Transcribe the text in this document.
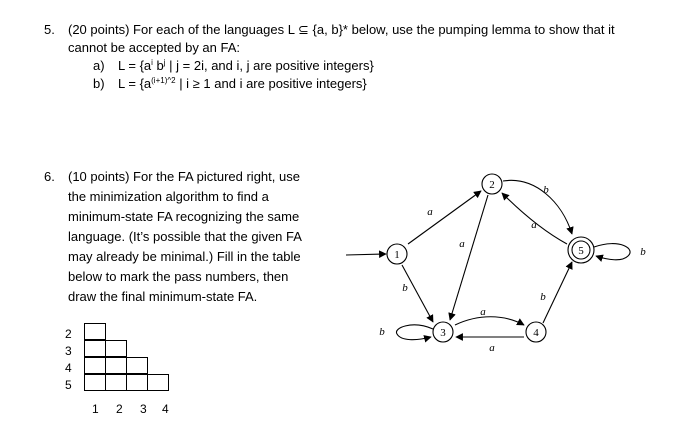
5. (20 points) For each of the languages L ⊆ {a, b}* below, use the pumping lemma to show that it
cannot be accepted by an FA:
a) $L = \{a^i$ $b^j$ | j = 2i, and i, j are positive integers}
b) $L = \{a^{(i+1)\^{}2}$ | i ≥ 1 and i are positive integers}
6. (10 points) For the FA pictured right, use
the minimization algorithm to find a
minimum-state FA recognizing the same
language. (It’s possible that the given FA
may already be minimal.) Fill in the table
below to mark the pass numbers, then
draw the final minimum-state FA.
2
3
4
5
1 2 3 4
1
2
3	4
5
a
b
a
b
a
a
a
b
b
b
